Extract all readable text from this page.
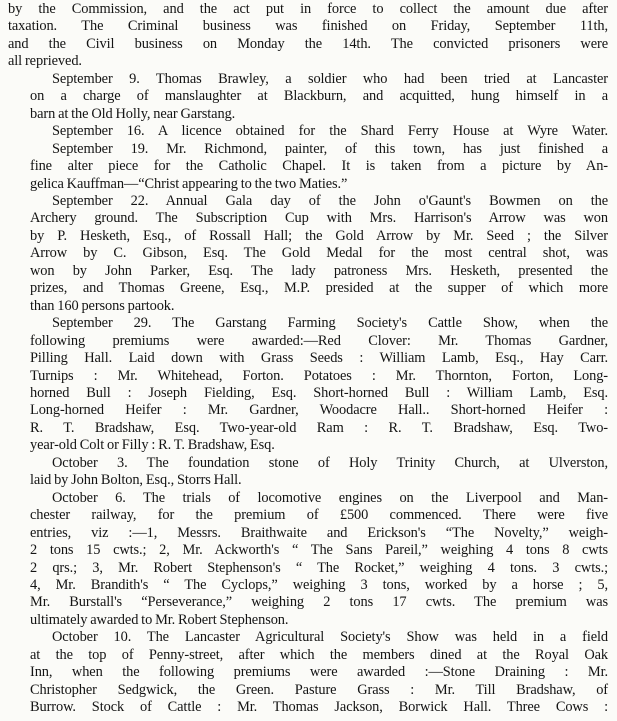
by the Commission, and the act put in force to collect the amount due after
taxation. The Criminal business was finished on Friday, September 11th,
and the Civil business on Monday the 14th. The convicted prisoners were
all reprieved.
September 9. Thomas Brawley, a soldier who had been tried at Lancaster
on a charge of manslaughter at Blackburn, and acquitted, hung himself in a
barn at the Old Holly, near Garstang.
September 16. A licence obtained for the Shard Ferry House at Wyre Water.
September 19. Mr. Richmond, painter, of this town, has just finished a
fine alter piece for the Catholic Chapel. It is taken from a picture by An-
gelica Kauffman—“Christ appearing to the two Maties.”
September 22. Annual Gala day of the John o'Gaunt's Bowmen on the
Archery ground. The Subscription Cup with Mrs. Harrison's Arrow was won
by P. Hesketh, Esq., of Rossall Hall; the Gold Arrow by Mr. Seed ; the Silver
Arrow by C. Gibson, Esq. The Gold Medal for the most central shot, was
won by John Parker, Esq. The lady patroness Mrs. Hesketh, presented the
prizes, and Thomas Greene, Esq., M.P. presided at the supper of which more
than 160 persons partook.
September 29. The Garstang Farming Society's Cattle Show, when the
following premiums were awarded:—Red Clover: Mr. Thomas Gardner,
Pilling Hall. Laid down with Grass Seeds : William Lamb, Esq., Hay Carr.
Turnips : Mr. Whitehead, Forton. Potatoes : Mr. Thornton, Forton, Long-
horned Bull : Joseph Fielding, Esq. Short-horned Bull : William Lamb, Esq.
Long-horned Heifer : Mr. Gardner, Woodacre Hall.. Short-horned Heifer :
R. T. Bradshaw, Esq. Two-year-old Ram : R. T. Bradshaw, Esq. Two-
year-old Colt or Filly : R. T. Bradshaw, Esq.
October 3. The foundation stone of Holy Trinity Church, at Ulverston,
laid by John Bolton, Esq., Storrs Hall.
October 6. The trials of locomotive engines on the Liverpool and Man-
chester railway, for the premium of £500 commenced. There were five
entries, viz :—1, Messrs. Braithwaite and Erickson's “The Novelty,” weigh-
2 tons 15 cwts.; 2, Mr. Ackworth's “ The Sans Pareil,” weighing 4 tons 8 cwts
2 qrs.; 3, Mr. Robert Stephenson's “ The Rocket,” weighing 4 tons. 3 cwts.;
4, Mr. Brandith's “ The Cyclops,” weighing 3 tons, worked by a horse ; 5,
Mr. Burstall's “Perseverance,” weighing 2 tons 17 cwts. The premium was
ultimately awarded to Mr. Robert Stephenson.
October 10. The Lancaster Agricultural Society's Show was held in a field
at the top of Penny-street, after which the members dined at the Royal Oak
Inn, when the following premiums were awarded :—Stone Draining : Mr.
Christopher Sedgwick, the Green. Pasture Grass : Mr. Till Bradshaw, of
Burrow. Stock of Cattle : Mr. Thomas Jackson, Borwick Hall. Three Cows :
